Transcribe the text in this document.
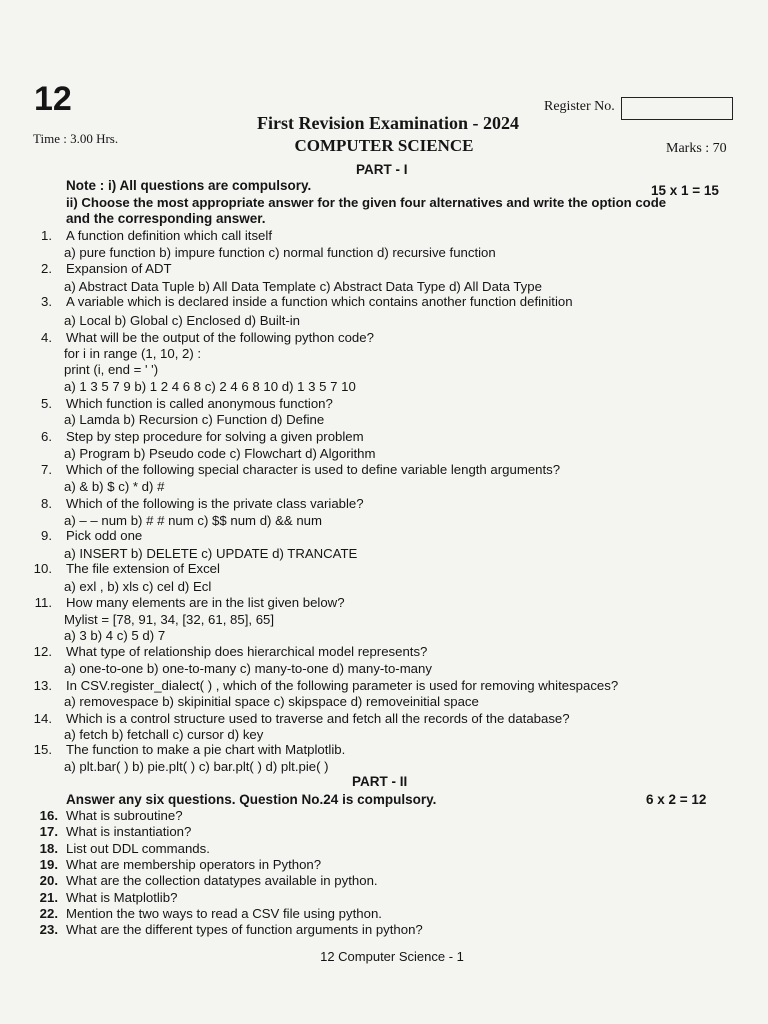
12
Time : 3.00 Hrs.
Register No.
First Revision Examination - 2024
COMPUTER SCIENCE	Marks : 70
PART - I
Note : i) All questions are compulsory.	15 x 1 = 15
ii) Choose the most appropriate answer for the given four alternatives and write the option code
and the corresponding answer.
1. A function definition which call itself
a) pure function b) impure function c) normal function d) recursive function
2. Expansion of ADT
a) Abstract Data Tuple b) All Data Template c) Abstract Data Type d) All Data Type
3. A variable which is declared inside a function which contains another function definition
a) Local b) Global c) Enclosed d) Built-in
4. What will be the output of the following python code?
for i in range (1, 10, 2) :
print (i, end = ' ')
a) 1 3 5 7 9 b) 1 2 4 6 8 c) 2 4 6 8 10 d) 1 3 5 7 10
5. Which function is called anonymous function?
a) Lamda b) Recursion c) Function d) Define
6. Step by step procedure for solving a given problem
a) Program b) Pseudo code c) Flowchart d) Algorithm
7. Which of the following special character is used to define variable length arguments?
a) & b) $ c) * d) #
8. Which of the following is the private class variable?
a) – – num b) # # num c) $$ num d) && num
9. Pick odd one
a) INSERT b) DELETE c) UPDATE d) TRANCATE
10. The file extension of Excel
a) exl , b) xls c) cel d) Ecl
11. How many elements are in the list given below?
Mylist = [78, 91, 34, [32, 61, 85], 65]
a) 3 b) 4 c) 5 d) 7
12. What type of relationship does hierarchical model represents?
a) one-to-one b) one-to-many c) many-to-one d) many-to-many
13. In CSV.register_dialect( ) , which of the following parameter is used for removing whitespaces?
a) removespace b) skipinitial space c) skipspace d) removeinitial space
14. Which is a control structure used to traverse and fetch all the records of the database?
a) fetch b) fetchall c) cursor d) key
15. The function to make a pie chart with Matplotlib.
a) plt.bar( ) b) pie.plt( ) c) bar.plt( ) d) plt.pie( )
PART - II
Answer any six questions. Question No.24 is compulsory.	6 x 2 = 12
16. What is subroutine?
17. What is instantiation?
18. List out DDL commands.
19. What are membership operators in Python?
20. What are the collection datatypes available in python.
21. What is Matplotlib?
22. Mention the two ways to read a CSV file using python.
23. What are the different types of function arguments in python?
12 Computer Science - 1
